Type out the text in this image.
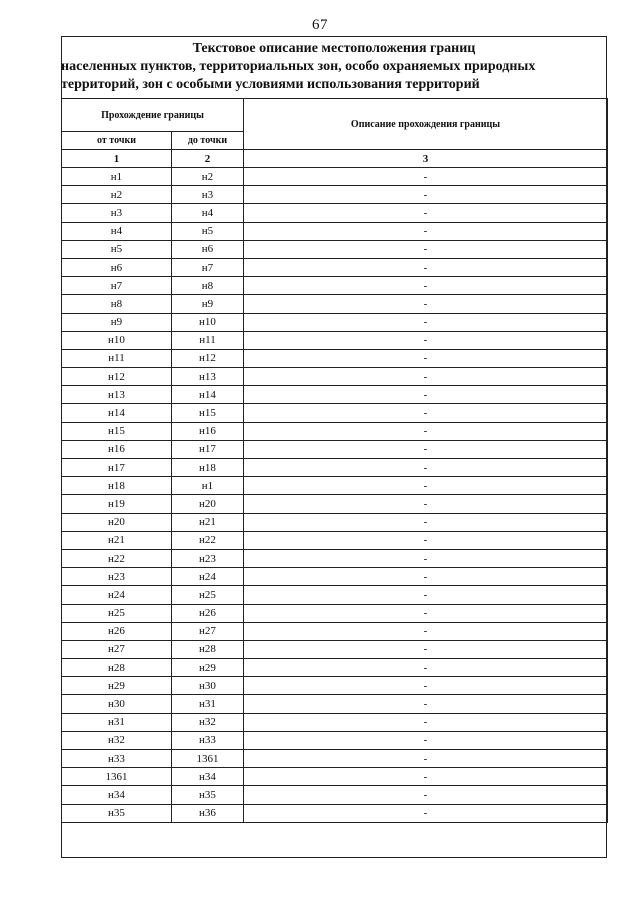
67
Текстовое описание местоположения границ
населенных пунктов, территориальных зон, особо охраняемых природных
территорий, зон с особыми условиями использования территорий
Прохождение границы		Описание прохождения границы
от точки	до точки	
1	2	3
н1	н2	-
н2	н3	-
н3	н4	-
н4	н5	-
н5	н6	-
н6	н7	-
н7	н8	-
н8	н9	-
н9	н10	-
н10	н11	-
н11	н12	-
н12	н13	-
н13	н14	-
н14	н15	-
н15	н16	-
н16	н17	-
н17	н18	-
н18	н1	-
н19	н20	-
н20	н21	-
н21	н22	-
н22	н23	-
н23	н24	-
н24	н25	-
н25	н26	-
н26	н27	-
н27	н28	-
н28	н29	-
н29	н30	-
н30	н31	-
н31	н32	-
н32	н33	-
н33	1361	-
1361	н34	-
н34	н35	-
н35	н36	-
